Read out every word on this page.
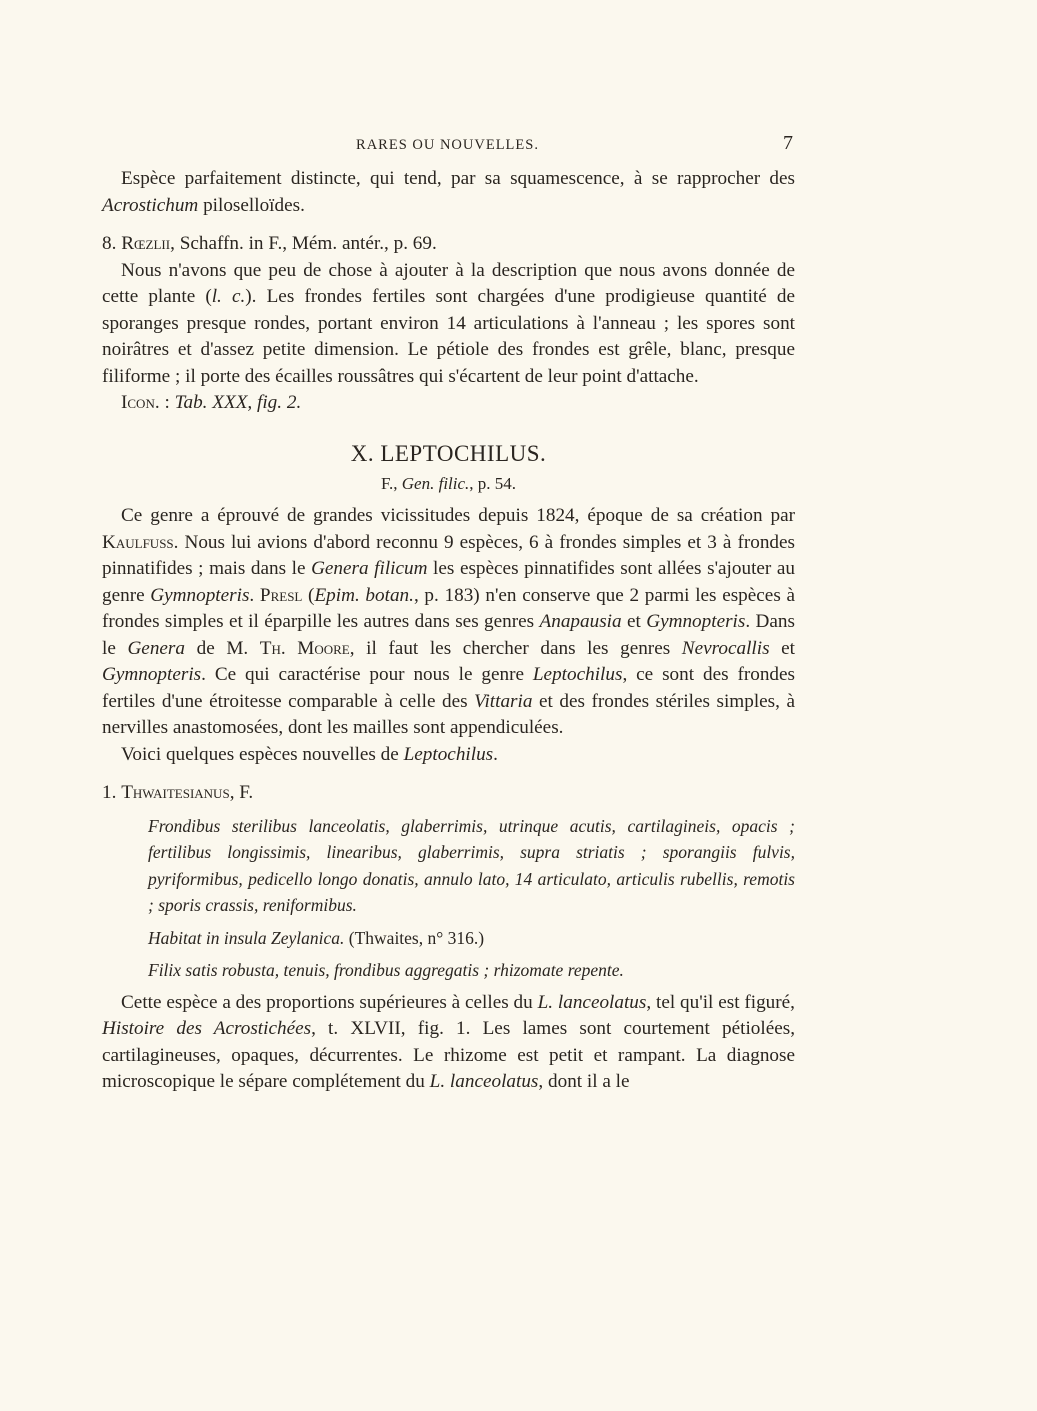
RARES OU NOUVELLES.	7

Espèce parfaitement distincte, qui tend, par sa squamescence, à se rapprocher des Acrostichum piloselloïdes.

8. Rœzlii, Schaffn. in F., Mém. antér., p. 69.

Nous n'avons que peu de chose à ajouter à la description que nous avons donnée de cette plante (l. c.). Les frondes fertiles sont chargées d'une prodigieuse quantité de sporanges presque rondes, portant environ 14 articulations à l'anneau ; les spores sont noirâtres et d'assez petite dimension. Le pétiole des frondes est grêle, blanc, presque filiforme ; il porte des écailles roussâtres qui s'écartent de leur point d'attache.

Icon. : Tab. XXX, fig. 2.

X. LEPTOCHILUS.
F., Gen. filic., p. 54.

Ce genre a éprouvé de grandes vicissitudes depuis 1824, époque de sa création par Kaulfuss. Nous lui avions d'abord reconnu 9 espèces, 6 à frondes simples et 3 à frondes pinnatifides ; mais dans le Genera filicum les espèces pinnatifides sont allées s'ajouter au genre Gymnopteris. Presl (Epim. botan., p. 183) n'en conserve que 2 parmi les espèces à frondes simples et il éparpille les autres dans ses genres Anapausia et Gymnopteris. Dans le Genera de M. Th. Moore, il faut les chercher dans les genres Nevrocallis et Gymnopteris. Ce qui caractérise pour nous le genre Leptochilus, ce sont des frondes fertiles d'une étroitesse comparable à celle des Vittaria et des frondes stériles simples, à nervilles anastomosées, dont les mailles sont appendiculées.

Voici quelques espèces nouvelles de Leptochilus.

1. Thwaitesianus, F.

Frondibus sterilibus lanceolatis, glaberrimis, utrinque acutis, cartilagineis, opacis ; fertilibus longissimis, linearibus, glaberrimis, supra striatis ; sporangiis fulvis, pyriformibus, pedicello longo donatis, annulo lato, 14 articulato, articulis rubellis, remotis ; sporis crassis, reniformibus.

Habitat in insula Zeylanica. (Thwaites, n° 316.)

Filix satis robusta, tenuis, frondibus aggregatis ; rhizomate repente.

Cette espèce a des proportions supérieures à celles du L. lanceolatus, tel qu'il est figuré, Histoire des Acrostichées, t. XLVII, fig. 1. Les lames sont courtement pétiolées, cartilagineuses, opaques, décurrentes. Le rhizome est petit et rampant. La diagnose microscopique le sépare complétement du L. lanceolatus, dont il a le
